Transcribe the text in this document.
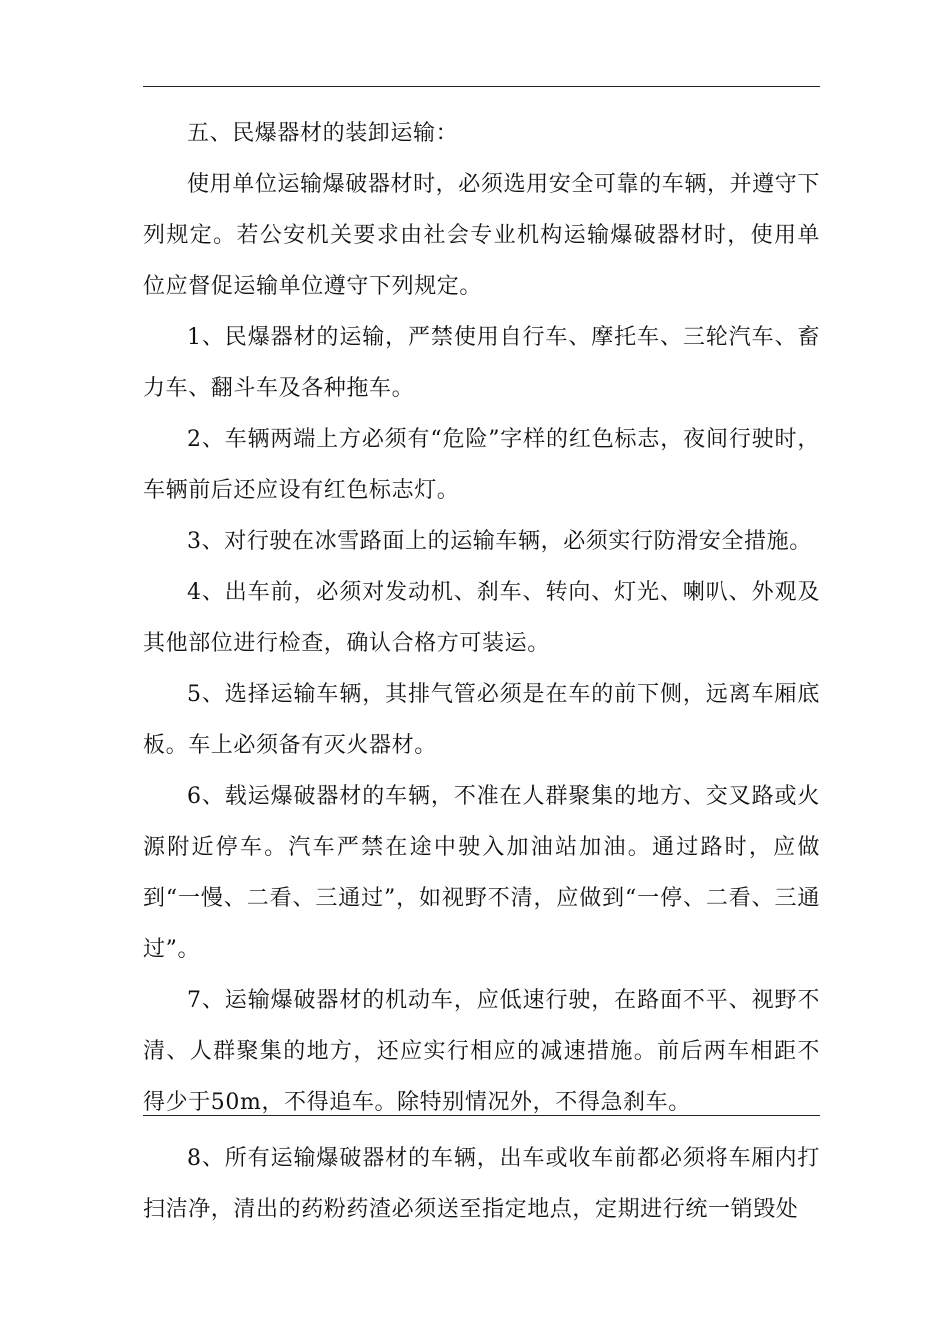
五、民爆器材的装卸运输：

使用单位运输爆破器材时，必须选用安全可靠的车辆，并遵守下列规定。若公安机关要求由社会专业机构运输爆破器材时，使用单位应督促运输单位遵守下列规定。

1、民爆器材的运输，严禁使用自行车、摩托车、三轮汽车、畜力车、翻斗车及各种拖车。

2、车辆两端上方必须有“危险”字样的红色标志，夜间行驶时，车辆前后还应设有红色标志灯。

3、对行驶在冰雪路面上的运输车辆，必须实行防滑安全措施。

4、出车前，必须对发动机、刹车、转向、灯光、喇叭、外观及其他部位进行检查，确认合格方可装运。

5、选择运输车辆，其排气管必须是在车的前下侧，远离车厢底板。车上必须备有灭火器材。

6、载运爆破器材的车辆，不准在人群聚集的地方、交叉路或火源附近停车。汽车严禁在途中驶入加油站加油。通过路时，应做到“一慢、二看、三通过”，如视野不清，应做到“一停、二看、三通过”。

7、运输爆破器材的机动车，应低速行驶，在路面不平、视野不清、人群聚集的地方，还应实行相应的减速措施。前后两车相距不得少于50m，不得追车。除特别情况外，不得急刹车。

8、所有运输爆破器材的车辆，出车或收车前都必须将车厢内打扫洁净，清出的药粉药渣必须送至指定地点，定期进行统一销毁处
